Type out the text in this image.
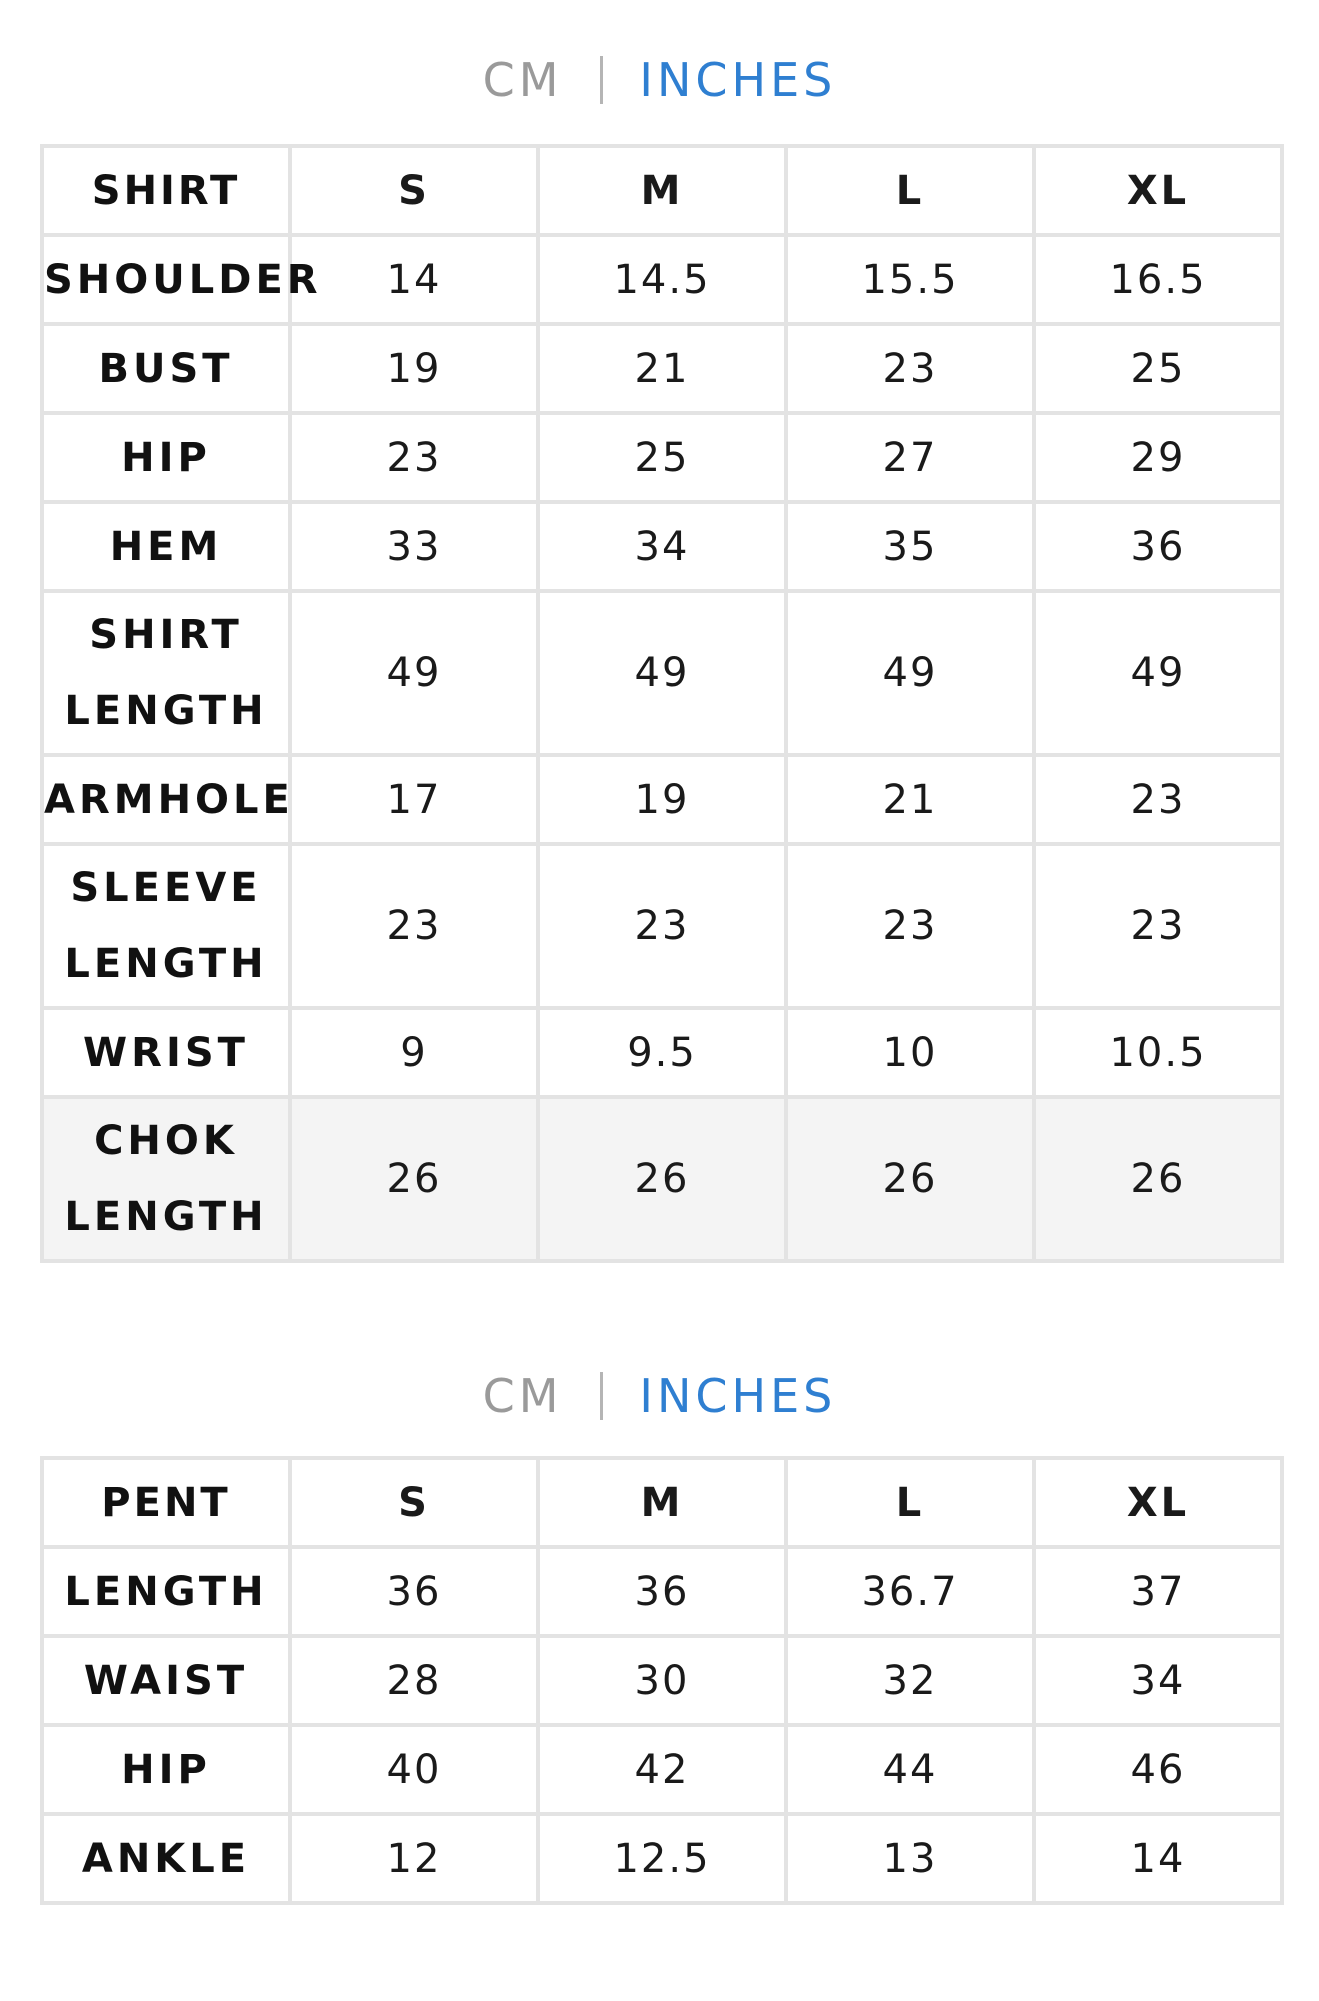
CM INCHES
SHIRT	S	M	L	XL
SHOULDER	14	14.5	15.5	16.5
BUST	19	21	23	25
HIP	23	25	27	29
HEM	33	34	35	36
SHIRT LENGTH	49	49	49	49
ARMHOLE	17	19	21	23
SLEEVE LENGTH	23	23	23	23
WRIST	9	9.5	10	10.5
CHOK LENGTH	26	26	26	26
CM INCHES
PENT	S	M	L	XL
LENGTH	36	36	36.7	37
WAIST	28	30	32	34
HIP	40	42	44	46
ANKLE	12	12.5	13	14
